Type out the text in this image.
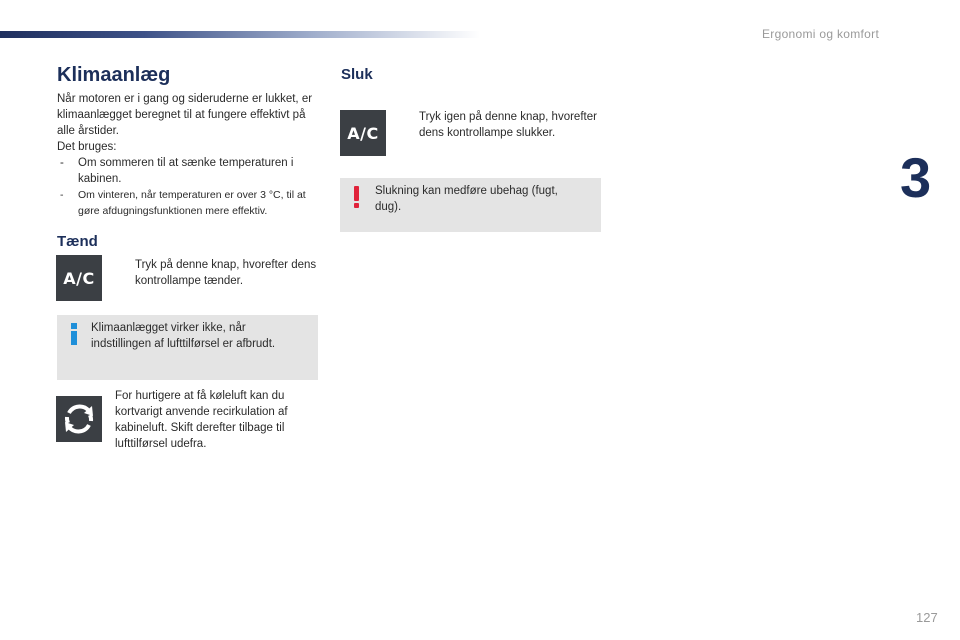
Ergonomi og komfort
3
Klimaanlæg

Når motoren er i gang og sideruderne er lukket, er klimaanlægget beregnet til at fungere effektivt på alle årstider.

Det bruges:

- Om sommeren til at sænke temperaturen i kabinen.
- Om vinteren, når temperaturen er over 3 °C, til at gøre afdugningsfunktionen mere effektiv.
Tænd
A/C
Tryk på denne knap, hvorefter dens kontrollampe tænder.
Klimaanlægget virker ikke, når indstillingen af lufttilførsel er afbrudt.
For hurtigere at få køleluft kan du kortvarigt anvende recirkulation af kabineluft. Skift derefter tilbage til lufttilførsel udefra.
Sluk
A/C
Tryk igen på denne knap, hvorefter dens kontrollampe slukker.
Slukning kan medføre ubehag (fugt, dug).
127
